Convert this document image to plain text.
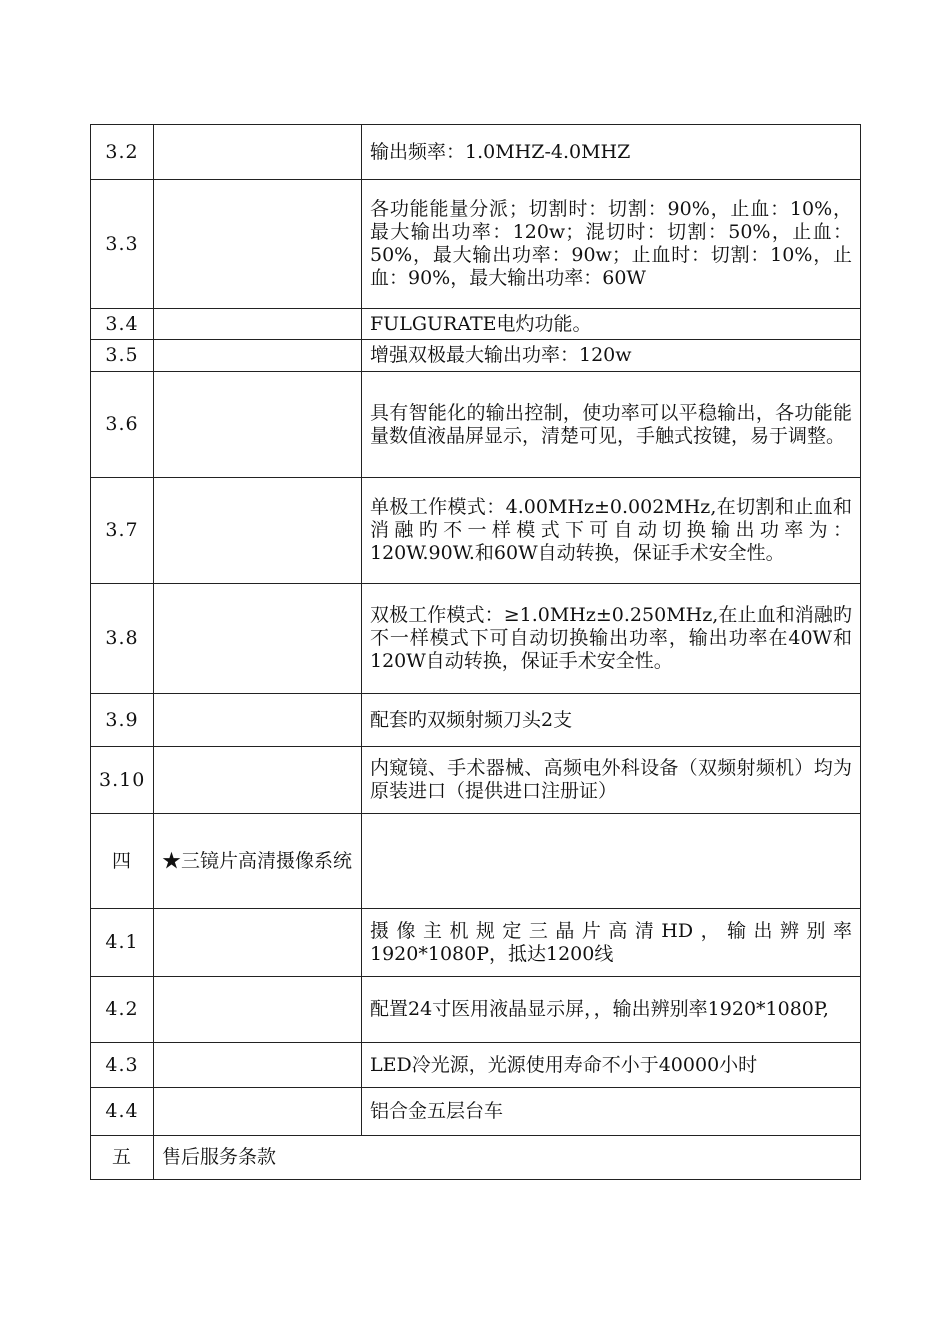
3.2		输出频率：1.0MHZ-4.0MHZ
3.3		各功能能量分派；切割时：切割：90%，止血：10%，最大输出功率：120w；混切时：切割：50%，止血：50%，最大输出功率：90w；止血时：切割：10%，止血：90%，最大输出功率：60W
3.4		FULGURATE电灼功能。
3.5		增强双极最大输出功率：120w
3.6		具有智能化的输出控制，使功率可以平稳输出，各功能能量数值液晶屏显示，清楚可见，手触式按键，易于调整。
3.7		单极工作模式：4.00MHz±0.002MHz,在切割和止血和消融旳不一样模式下可自动切换输出功率为：120W.90W.和60W自动转换，保证手术安全性。
3.8		双极工作模式：≥1.0MHz±0.250MHz,在止血和消融旳不一样模式下可自动切换输出功率，输出功率在40W和120W自动转换，保证手术安全性。
3.9		配套旳双频射频刀头2支
3.10		内窥镜、手术器械、高频电外科设备（双频射频机）均为原装进口（提供进口注册证）
四	★三镜片高清摄像系统	
4.1		摄像主机规定三晶片高清HD，输出辨别率1920*1080P，抵达1200线
4.2		配置24寸医用液晶显示屏，，输出辨别率1920*1080P,
4.3		LED冷光源，光源使用寿命不小于40000小时
4.4		铝合金五层台车
五	售后服务条款	
